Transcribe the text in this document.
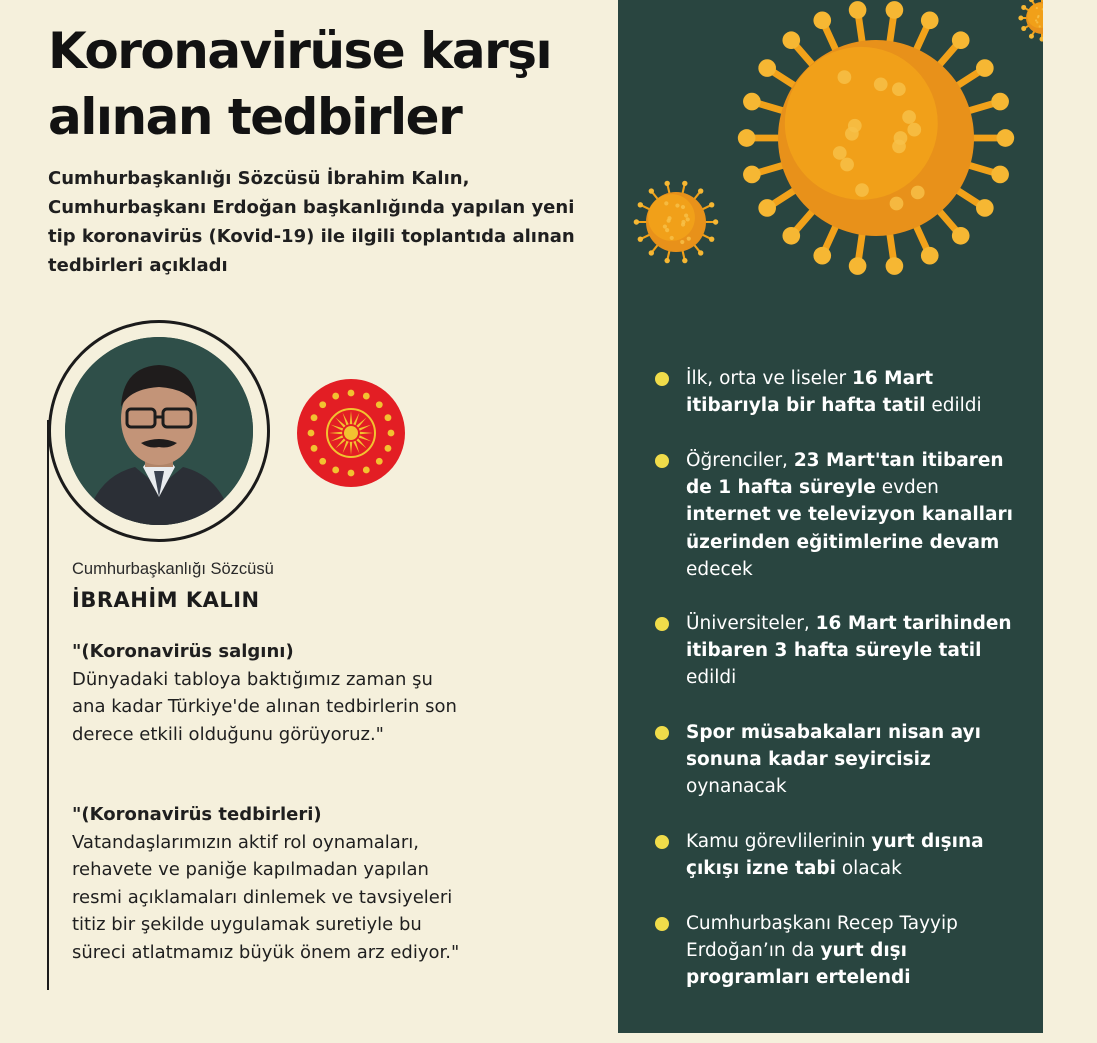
Koronavirüse karşı alınan tedbirler

Cumhurbaşkanlığı Sözcüsü İbrahim Kalın, Cumhurbaşkanı Erdoğan başkanlığında yapılan yeni tip koronavirüs (Kovid-19) ile ilgili toplantıda alınan tedbirleri açıkladı

Cumhurbaşkanlığı Sözcüsü
İBRAHİM KALIN
"(Koronavirüs salgını)
Dünyadaki tabloya baktığımız zaman şu ana kadar Türkiye'de alınan tedbirlerin son derece etkili olduğunu görüyoruz."
"(Koronavirüs tedbirleri)
Vatandaşlarımızın aktif rol oynamaları, rehavete ve paniğe kapılmadan yapılan resmi açıklamaları dinlemek ve tavsiyeleri titiz bir şekilde uygulamak suretiyle bu süreci atlatmamız büyük önem arz ediyor."
İlk, orta ve liseler 16 Mart itibarıyla bir hafta tatil edildi
Öğrenciler, 23 Mart'tan itibaren de 1 hafta süreyle evden internet ve televizyon kanalları üzerinden eğitimlerine devam edecek
Üniversiteler, 16 Mart tarihinden itibaren 3 hafta süreyle tatil edildi
Spor müsabakaları nisan ayı sonuna kadar seyircisiz oynanacak
Kamu görevlilerinin yurt dışına çıkışı izne tabi olacak
Cumhurbaşkanı Recep Tayyip Erdoğan’ın da yurt dışı programları ertelendi
